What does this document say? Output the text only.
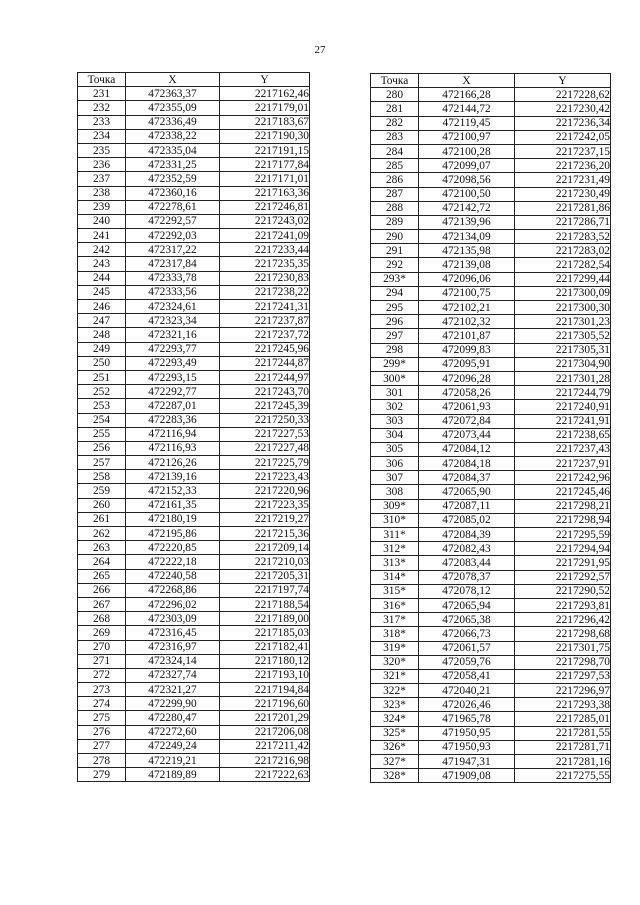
27
Точка	X	Y
231	472363,37	2217162,46
232	472355,09	2217179,01
233	472336,49	2217183,67
234	472338,22	2217190,30
235	472335,04	2217191,15
236	472331,25	2217177,84
237	472352,59	2217171,01
238	472360,16	2217163,36
239	472278,61	2217246,81
240	472292,57	2217243,02
241	472292,03	2217241,09
242	472317,22	2217233,44
243	472317,84	2217235,35
244	472333,78	2217230,83
245	472333,56	2217238,22
246	472324,61	2217241,31
247	472323,34	2217237,87
248	472321,16	2217237,72
249	472293,77	2217245,96
250	472293,49	2217244,87
251	472293,15	2217244,97
252	472292,77	2217243,70
253	472287,01	2217245,39
254	472283,36	2217250,33
255	472116,94	2217227,53
256	472116,93	2217227,48
257	472126,26	2217225,79
258	472139,16	2217223,43
259	472152,33	2217220,96
260	472161,35	2217223,35
261	472180,19	2217219,27
262	472195,86	2217215,36
263	472220,85	2217209,14
264	472222,18	2217210,03
265	472240,58	2217205,31
266	472268,86	2217197,74
267	472296,02	2217188,54
268	472303,09	2217189,00
269	472316,45	2217185,03
270	472316,97	2217182,41
271	472324,14	2217180,12
272	472327,74	2217193,10
273	472321,27	2217194,84
274	472299,90	2217196,60
275	472280,47	2217201,29
276	472272,60	2217206,08
277	472249,24	2217211,42
278	472219,21	2217216,98
279	472189,89	2217222,63
Точка	X	Y
280	472166,28	2217228,62
281	472144,72	2217230,42
282	472119,45	2217236,34
283	472100,97	2217242,05
284	472100,28	2217237,15
285	472099,07	2217236,20
286	472098,56	2217231,49
287	472100,50	2217230,49
288	472142,72	2217281,86
289	472139,96	2217286,71
290	472134,09	2217283,52
291	472135,98	2217283,02
292	472139,08	2217282,54
293*	472096,06	2217299,44
294	472100,75	2217300,09
295	472102,21	2217300,30
296	472102,32	2217301,23
297	472101,87	2217305,52
298	472099,83	2217305,31
299*	472095,91	2217304,90
300*	472096,28	2217301,28
301	472058,26	2217244,79
302	472061,93	2217240,91
303	472072,84	2217241,91
304	472073,44	2217238,65
305	472084,12	2217237,43
306	472084,18	2217237,91
307	472084,37	2217242,96
308	472065,90	2217245,46
309*	472087,11	2217298,21
310*	472085,02	2217298,94
311*	472084,39	2217295,59
312*	472082,43	2217294,94
313*	472083,44	2217291,95
314*	472078,37	2217292,57
315*	472078,12	2217290,52
316*	472065,94	2217293,81
317*	472065,38	2217296,42
318*	472066,73	2217298,68
319*	472061,57	2217301,75
320*	472059,76	2217298,70
321*	472058,41	2217297,53
322*	472040,21	2217296,97
323*	472026,46	2217293,38
324*	471965,78	2217285,01
325*	471950,95	2217281,55
326*	471950,93	2217281,71
327*	471947,31	2217281,16
328*	471909,08	2217275,55
